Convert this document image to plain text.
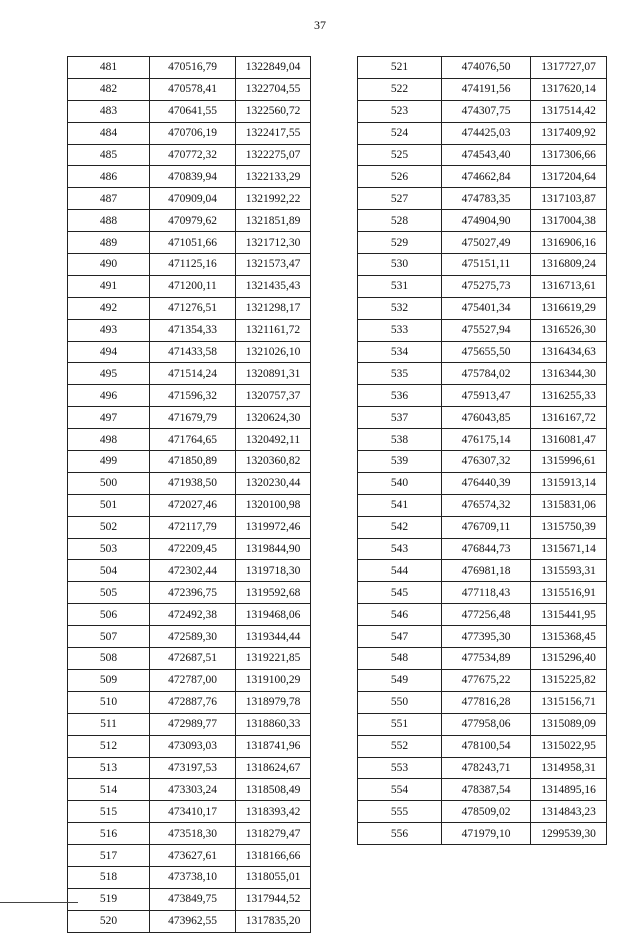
37
481	470516,79	1322849,04
482	470578,41	1322704,55
483	470641,55	1322560,72
484	470706,19	1322417,55
485	470772,32	1322275,07
486	470839,94	1322133,29
487	470909,04	1321992,22
488	470979,62	1321851,89
489	471051,66	1321712,30
490	471125,16	1321573,47
491	471200,11	1321435,43
492	471276,51	1321298,17
493	471354,33	1321161,72
494	471433,58	1321026,10
495	471514,24	1320891,31
496	471596,32	1320757,37
497	471679,79	1320624,30
498	471764,65	1320492,11
499	471850,89	1320360,82
500	471938,50	1320230,44
501	472027,46	1320100,98
502	472117,79	1319972,46
503	472209,45	1319844,90
504	472302,44	1319718,30
505	472396,75	1319592,68
506	472492,38	1319468,06
507	472589,30	1319344,44
508	472687,51	1319221,85
509	472787,00	1319100,29
510	472887,76	1318979,78
511	472989,77	1318860,33
512	473093,03	1318741,96
513	473197,53	1318624,67
514	473303,24	1318508,49
515	473410,17	1318393,42
516	473518,30	1318279,47
517	473627,61	1318166,66
518	473738,10	1318055,01
519	473849,75	1317944,52
520	473962,55	1317835,20
521	474076,50	1317727,07
522	474191,56	1317620,14
523	474307,75	1317514,42
524	474425,03	1317409,92
525	474543,40	1317306,66
526	474662,84	1317204,64
527	474783,35	1317103,87
528	474904,90	1317004,38
529	475027,49	1316906,16
530	475151,11	1316809,24
531	475275,73	1316713,61
532	475401,34	1316619,29
533	475527,94	1316526,30
534	475655,50	1316434,63
535	475784,02	1316344,30
536	475913,47	1316255,33
537	476043,85	1316167,72
538	476175,14	1316081,47
539	476307,32	1315996,61
540	476440,39	1315913,14
541	476574,32	1315831,06
542	476709,11	1315750,39
543	476844,73	1315671,14
544	476981,18	1315593,31
545	477118,43	1315516,91
546	477256,48	1315441,95
547	477395,30	1315368,45
548	477534,89	1315296,40
549	477675,22	1315225,82
550	477816,28	1315156,71
551	477958,06	1315089,09
552	478100,54	1315022,95
553	478243,71	1314958,31
554	478387,54	1314895,16
555	478509,02	1314843,23
556	471979,10	1299539,30
